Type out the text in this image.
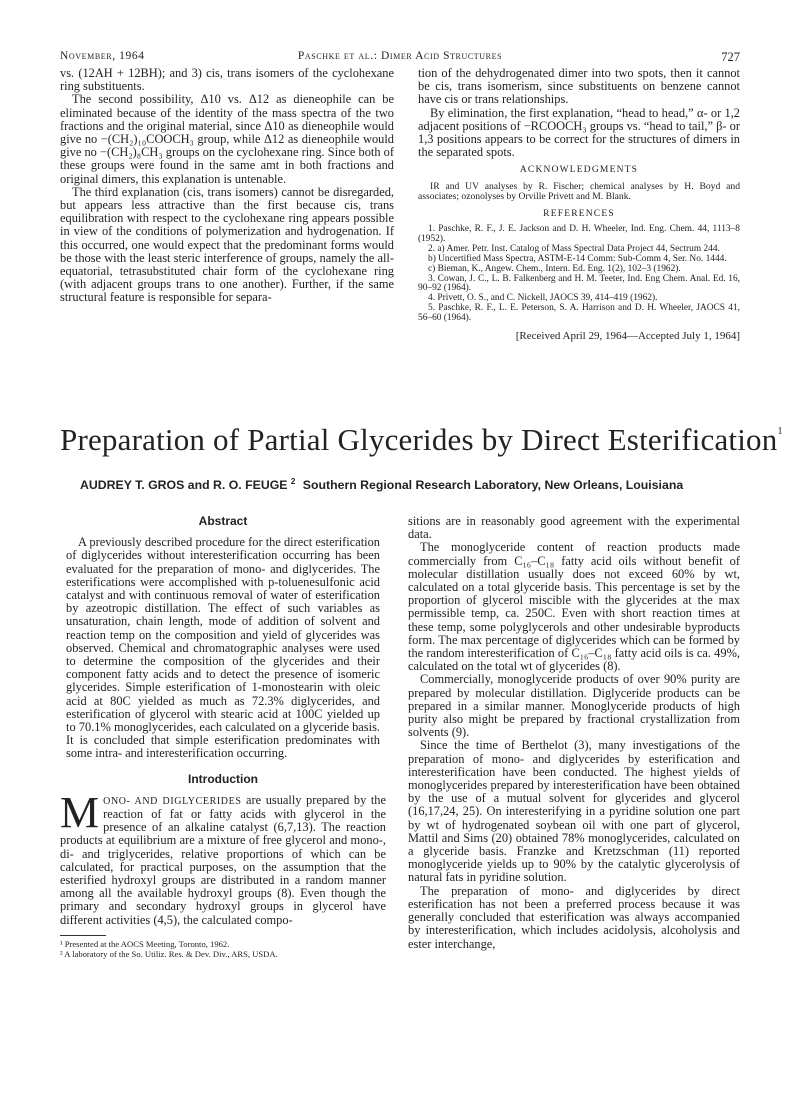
November, 1964	Paschke et al.: Dimer Acid Structures	727

vs. (12AH + 12BH); and 3) cis, trans isomers of the cyclohexane ring substituents.

The second possibility, Δ10 vs. Δ12 as dieneophile can be eliminated because of the identity of the mass spectra of the two fractions and the original material, since Δ10 as dieneophile would give no −(CH₂)₁₀COOCH₃ group, while Δ12 as dieneophile would give no −(CH₂)₈CH₃ groups on the cyclohexane ring. Since both of these groups were found in the same amt in both fractions and original dimers, this explanation is untenable.

The third explanation (cis, trans isomers) cannot be disregarded, but appears less attractive than the first because cis, trans equilibration with respect to the cyclohexane ring appears possible in view of the conditions of polymerization and hydrogenation. If this occurred, one would expect that the predominant forms would be those with the least steric interference of groups, namely the all-equatorial, tetrasubstituted chair form of the cyclohexane ring (with adjacent groups trans to one another). Further, if the same structural feature is responsible for separa-

tion of the dehydrogenated dimer into two spots, then it cannot be cis, trans isomerism, since substituents on benzene cannot have cis or trans relationships.

By elimination, the first explanation, “head to head,” α- or 1,2 adjacent positions of −RCOOCH₃ groups vs. “head to tail,” β- or 1,3 positions appears to be correct for the structures of dimers in the separated spots.

ACKNOWLEDGMENTS

IR and UV analyses by R. Fischer; chemical analyses by H. Boyd and associates; ozonolyses by Orville Privett and M. Blank.

REFERENCES
1. Paschke, R. F., J. E. Jackson and D. H. Wheeler, Ind. Eng. Chem. 44, 1113–8 (1952).
2. a) Amer. Petr. Inst. Catalog of Mass Spectral Data Project 44, Sectrum 244.
b) Uncertified Mass Spectra, ASTM-E-14 Comm: Sub-Comm 4, Ser. No. 1444.
c) Bieman, K., Angew. Chem., Intern. Ed. Eng. 1(2), 102–3 (1962).
3. Cowan, J. C., L. B. Falkenberg and H. M. Teeter, Ind. Eng Chem. Anal. Ed. 16, 90–92 (1964).
4. Privett, O. S., and C. Nickell, JAOCS 39, 414–419 (1962).
5. Paschke, R. F., L. E. Peterson, S. A. Harrison and D. H. Wheeler, JAOCS 41, 56–60 (1964).
[Received April 29, 1964—Accepted July 1, 1964]
Preparation of Partial Glycerides by Direct Esterification$^1$
AUDREY T. GROS and R. O. FEUGE $^2$ Southern Regional Research Laboratory, New Orleans, Louisiana
Abstract

A previously described procedure for the direct esterification of diglycerides without interesterification occurring has been evaluated for the preparation of mono- and diglycerides. The esterifications were accomplished with p-toluenesulfonic acid catalyst and with continuous removal of water of esterification by azeotropic distillation. The effect of such variables as unsaturation, chain length, mode of addition of solvent and reaction temp on the composition and yield of glycerides was observed. Chemical and chromatographic analyses were used to determine the composition of the glycerides and their component fatty acids and to detect the presence of isomeric glycerides. Simple esterification of 1-monostearin with oleic acid at 80C yielded as much as 72.3% diglycerides, and esterification of glycerol with stearic acid at 100C yielded up to 70.1% monoglycerides, each calculated on a glyceride basis. It is concluded that simple esterification predominates with some intra- and interesterification occurring.

Introduction

MONO- AND DIGLYCERIDES are usually prepared by the reaction of fat or fatty acids with glycerol in the presence of an alkaline catalyst (6,7,13). The reaction products at equilibrium are a mixture of free glycerol and mono-, di- and triglycerides, relative proportions of which can be calculated, for practical purposes, on the assumption that the esterified hydroxyl groups are distributed in a random manner among all the available hydroxyl groups (8). Even though the primary and secondary hydroxyl groups in glycerol have different activities (4,5), the calculated compo-

¹ Presented at the AOCS Meeting, Toronto, 1962.
² A laboratory of the So. Utiliz. Res. & Dev. Div., ARS, USDA.

sitions are in reasonably good agreement with the experimental data.

The monoglyceride content of reaction products made commercially from C₁₆–C₁₈ fatty acid oils without benefit of molecular distillation usually does not exceed 60% by wt, calculated on a total glyceride basis. This percentage is set by the proportion of glycerol miscible with the glycerides at the max permissible temp, ca. 250C. Even with short reaction times at these temp, some polyglycerols and other undesirable byproducts form. The max percentage of diglycerides which can be formed by the random interesterification of C₁₆–C₁₈ fatty acid oils is ca. 49%, calculated on the total wt of glycerides (8).

Commercially, monoglyceride products of over 90% purity are prepared by molecular distillation. Diglyceride products can be prepared in a similar manner. Monoglyceride products of high purity also might be prepared by fractional crystallization from solvents (9).

Since the time of Berthelot (3), many investigations of the preparation of mono- and diglycerides by esterification and interesterification have been conducted. The highest yields of monoglycerides prepared by interesterification have been obtained by the use of a mutual solvent for glycerides and glycerol (16,17,24, 25). On interesterifying in a pyridine solution one part by wt of hydrogenated soybean oil with one part of glycerol, Mattil and Sims (20) obtained 78% monoglycerides, calculated on a glyceride basis. Franzke and Kretzschman (11) reported monoglyceride yields up to 90% by the catalytic glycerolysis of natural fats in pyridine solution.

The preparation of mono- and diglycerides by direct esterification has not been a preferred process because it was generally concluded that esterification was always accompanied by interesterification, which includes acidolysis, alcoholysis and ester interchange,
